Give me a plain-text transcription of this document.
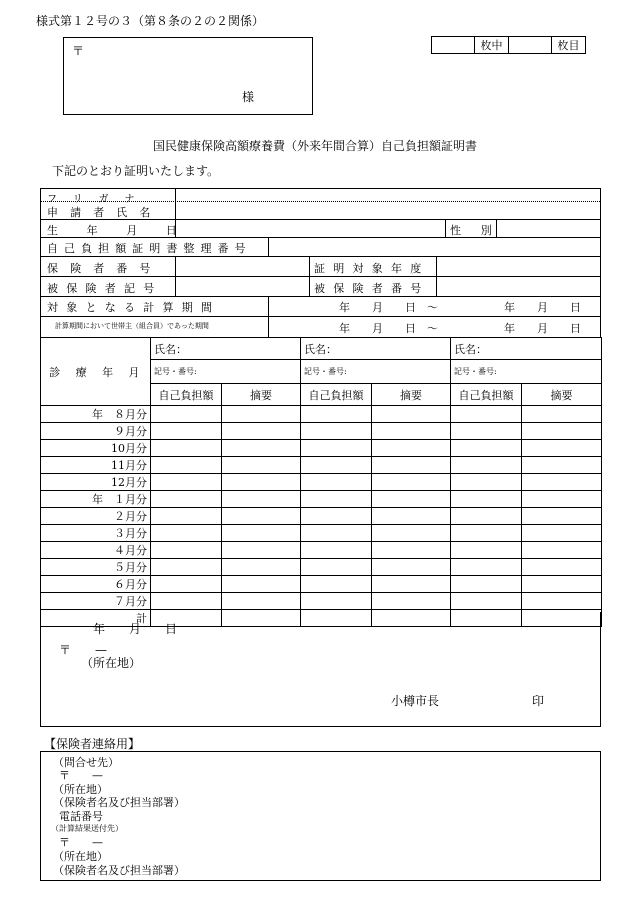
様式第１２号の３（第８条の２の２関係）
〒
様
	枚中		枚目
国民健康保険高額療養費（外来年間合算）自己負担額証明書
下記のとおり証明いたします。
フリガナ
申請者氏名
生年月日	性別
自己負担額証明書整理番号
保険者番号	証明対象年度
被保険者記号	被保険者番号
対象となる計算期間	年　　月　　日　〜　　　　　　年　　月　　日
計算期間において世帯主（組合員）であった期間	年　　月　　日　〜　　　　　　年　　月　　日
診　療　年　月	氏名：		氏名：		氏名：	
	記号・番号:		記号・番号:		記号・番号:	
	自己負担額	摘要	自己負担額	摘要	自己負担額	摘要
年　８月分						
９月分						
10月分						
11月分						
12月分						
年　１月分						
２月分						
３月分						
４月分						
５月分						
６月分						
７月分						
計						
年　　月　　日
〒　　—
（所在地）
小樽市長	印
【保険者連絡用】
（問合せ先）
〒　　—
（所在地）
（保険者名及び担当部署）
電話番号
（計算結果送付先）
〒　　—
（所在地）
（保険者名及び担当部署）
